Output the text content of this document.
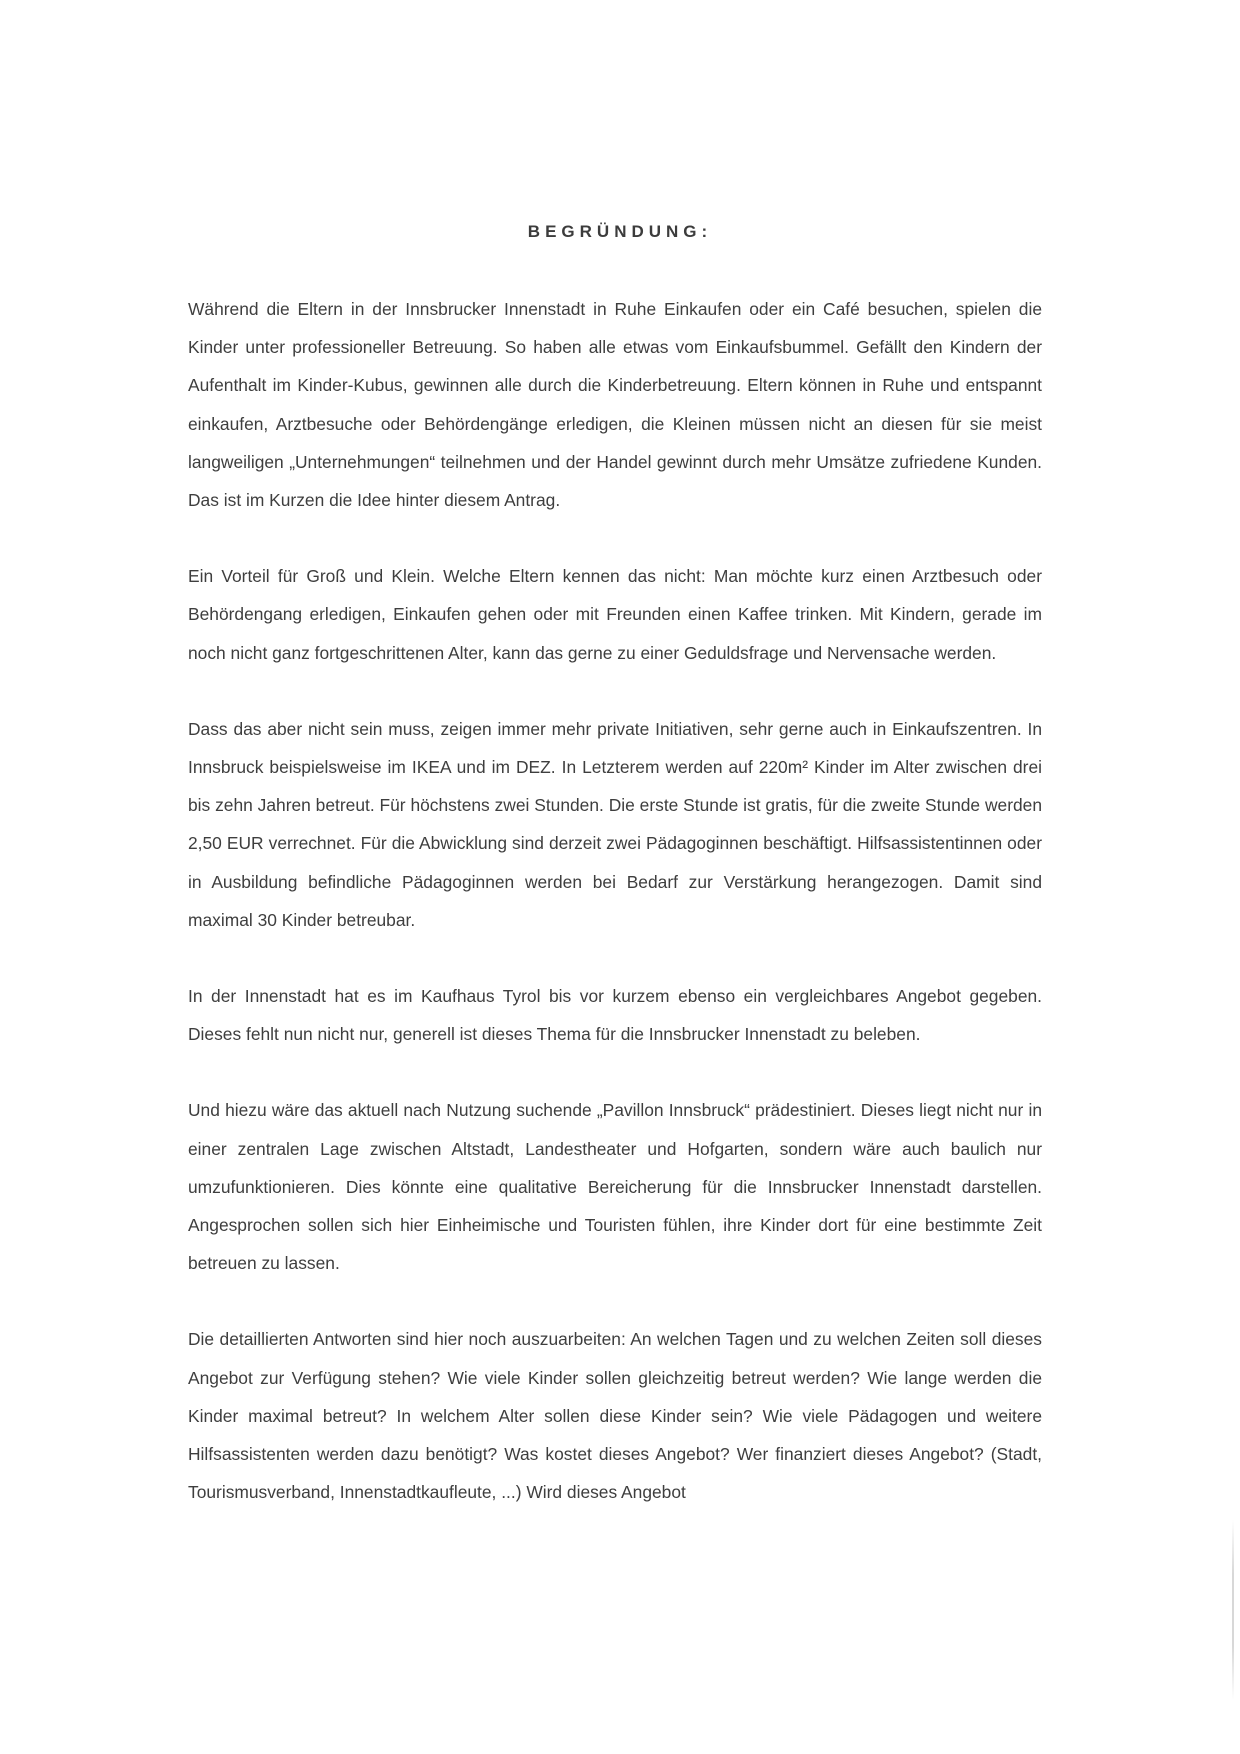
BEGRÜNDUNG:

Während die Eltern in der Innsbrucker Innenstadt in Ruhe Einkaufen oder ein Café besuchen, spielen die Kinder unter professioneller Betreuung. So haben alle etwas vom Einkaufsbummel. Gefällt den Kindern der Aufenthalt im Kinder-Kubus, gewinnen alle durch die Kinderbetreuung. Eltern können in Ruhe und entspannt einkaufen, Arztbesuche oder Behördengänge erledigen, die Kleinen müssen nicht an diesen für sie meist langweiligen „Unternehmungen“ teilnehmen und der Handel gewinnt durch mehr Umsätze zufriedene Kunden. Das ist im Kurzen die Idee hinter diesem Antrag.

Ein Vorteil für Groß und Klein. Welche Eltern kennen das nicht: Man möchte kurz einen Arztbesuch oder Behördengang erledigen, Einkaufen gehen oder mit Freunden einen Kaffee trinken. Mit Kindern, gerade im noch nicht ganz fortgeschrittenen Alter, kann das gerne zu einer Geduldsfrage und Nervensache werden.

Dass das aber nicht sein muss, zeigen immer mehr private Initiativen, sehr gerne auch in Einkaufszentren. In Innsbruck beispielsweise im IKEA und im DEZ. In Letzterem werden auf 220m² Kinder im Alter zwischen drei bis zehn Jahren betreut. Für höchstens zwei Stunden. Die erste Stunde ist gratis, für die zweite Stunde werden 2,50 EUR verrechnet. Für die Abwicklung sind derzeit zwei Pädagoginnen beschäftigt. Hilfsassistentinnen oder in Ausbildung befindliche Pädagoginnen werden bei Bedarf zur Verstärkung herangezogen. Damit sind maximal 30 Kinder betreubar.

In der Innenstadt hat es im Kaufhaus Tyrol bis vor kurzem ebenso ein vergleichbares Angebot gegeben. Dieses fehlt nun nicht nur, generell ist dieses Thema für die Innsbrucker Innenstadt zu beleben.

Und hiezu wäre das aktuell nach Nutzung suchende „Pavillon Innsbruck“ prädestiniert. Dieses liegt nicht nur in einer zentralen Lage zwischen Altstadt, Landestheater und Hofgarten, sondern wäre auch baulich nur umzufunktionieren. Dies könnte eine qualitative Bereicherung für die Innsbrucker Innenstadt darstellen. Angesprochen sollen sich hier Einheimische und Touristen fühlen, ihre Kinder dort für eine bestimmte Zeit betreuen zu lassen.

Die detaillierten Antworten sind hier noch auszuarbeiten: An welchen Tagen und zu welchen Zeiten soll dieses Angebot zur Verfügung stehen? Wie viele Kinder sollen gleichzeitig betreut werden? Wie lange werden die Kinder maximal betreut? In welchem Alter sollen diese Kinder sein? Wie viele Pädagogen und weitere Hilfsassistenten werden dazu benötigt? Was kostet dieses Angebot? Wer finanziert dieses Angebot? (Stadt, Tourismusverband, Innenstadtkaufleute, ...) Wird dieses Angebot
